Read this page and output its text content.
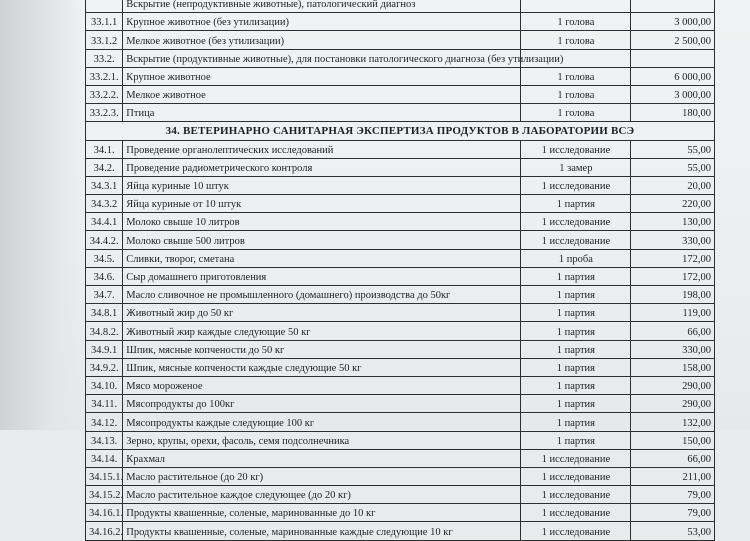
	Вскрытие (непродуктивные животные), патологический диагноз		
33.1.1	Крупное животное (без утилизации)	1 голова	3 000,00
33.1.2	Мелкое животное (без утилизации)	1 голова	2 500,00
33.2.	Вскрытие (продуктивные животные), для постановки патологического диагноза (без утилизации)		
33.2.1.	Крупное животное	1 голова	6 000,00
33.2.2.	Мелкое животное	1 голова	3 000,00
33.2.3.	Птица	1 голова	180,00
34. ВЕТЕРИНАРНО САНИТАРНАЯ ЭКСПЕРТИЗА ПРОДУКТОВ В ЛАБОРАТОРИИ ВСЭ			
34.1.	Проведение органолептических исследований	1 исследование	55,00
34.2.	Проведение радиометрического контроля	1 замер	55,00
34.3.1	Яйца куриные 10 штук	1 исследование	20,00
34.3.2	Яйца куриные от 10 штук	1 партия	220,00
34.4.1	Молоко свыше 10 литров	1 исследование	130,00
34.4.2.	Молоко свыше 500 литров	1 исследование	330,00
34.5.	Сливки, творог, сметана	1 проба	172,00
34.6.	Сыр домашнего приготовления	1 партия	172,00
34.7.	Масло сливочное не промышленного (домашнего) производства до 50кг	1 партия	198,00
34.8.1	Животный жир до 50 кг	1 партия	119,00
34.8.2.	Животный жир каждые следующие 50 кг	1 партия	66,00
34.9.1	Шпик, мясные копчености до 50 кг	1 партия	330,00
34.9.2.	Шпик, мясные копчености каждые следующие 50 кг	1 партия	158,00
34.10.	Мясо мороженое	1 партия	290,00
34.11.	Мясопродукты до 100кг	1 партия	290,00
34.12.	Мясопродукты каждые следующие 100 кг	1 партия	132,00
34.13.	Зерно, крупы, орехи, фасоль, семя подсолнечника	1 партия	150,00
34.14.	Крахмал	1 исследование	66,00
34.15.1.	Масло растительное (до 20 кг)	1 исследование	211,00
34.15.2.	Масло растительное каждое следующее (до 20 кг)	1 исследование	79,00
34.16.1.	Продукты квашенные, соленые, маринованные до 10 кг	1 исследование	79,00
34.16.2.	Продукты квашенные, соленые, маринованные каждые следующие 10 кг	1 исследование	53,00
